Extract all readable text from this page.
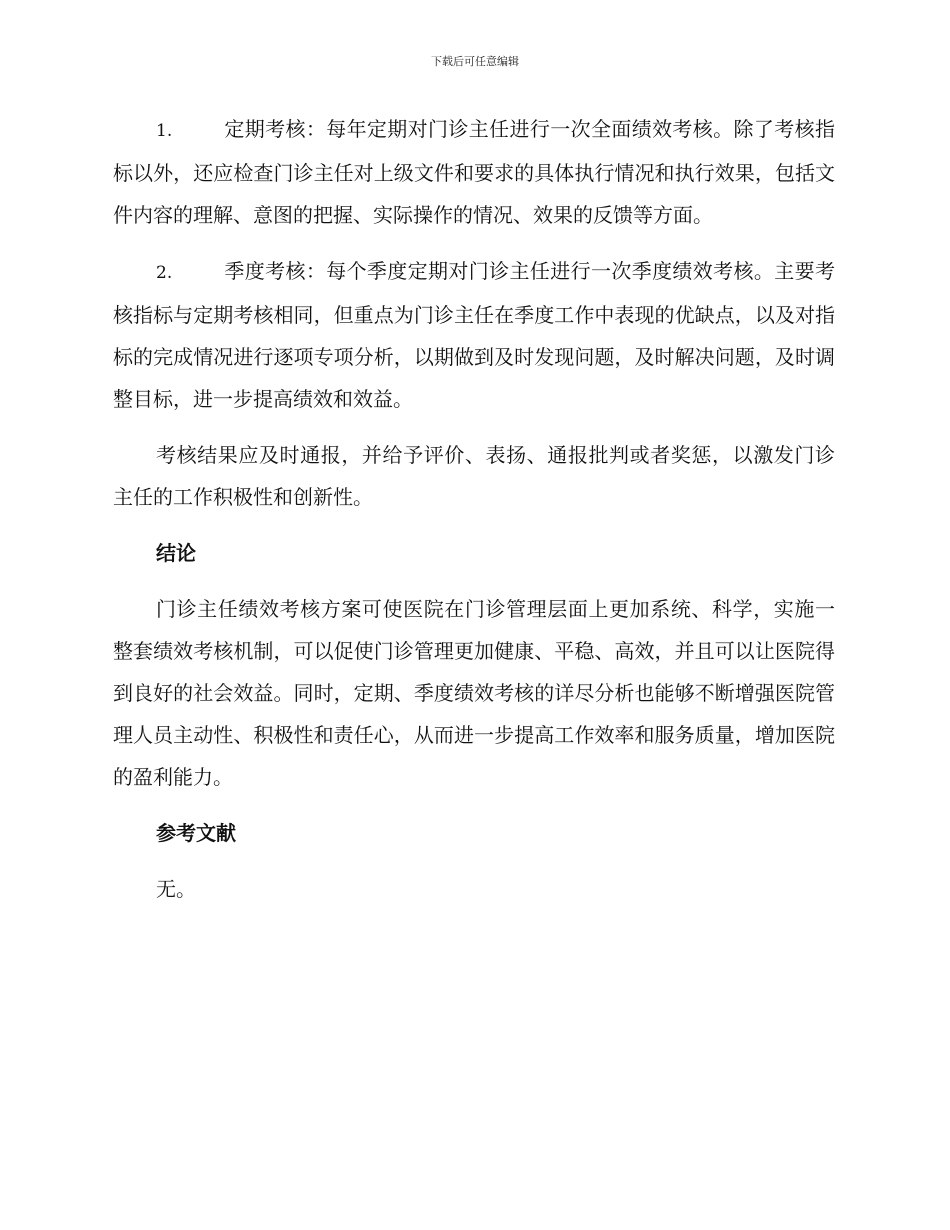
下载后可任意编辑

1.	定期考核：每年定期对门诊主任进行一次全面绩效考核。除了考核指标以外，还应检查门诊主任对上级文件和要求的具体执行情况和执行效果，包括文件内容的理解、意图的把握、实际操作的情况、效果的反馈等方面。

2.	季度考核：每个季度定期对门诊主任进行一次季度绩效考核。主要考核指标与定期考核相同，但重点为门诊主任在季度工作中表现的优缺点，以及对指标的完成情况进行逐项专项分析，以期做到及时发现问题，及时解决问题，及时调整目标，进一步提高绩效和效益。

考核结果应及时通报，并给予评价、表扬、通报批判或者奖惩，以激发门诊主任的工作积极性和创新性。

结论

门诊主任绩效考核方案可使医院在门诊管理层面上更加系统、科学，实施一整套绩效考核机制，可以促使门诊管理更加健康、平稳、高效，并且可以让医院得到良好的社会效益。同时，定期、季度绩效考核的详尽分析也能够不断增强医院管理人员主动性、积极性和责任心，从而进一步提高工作效率和服务质量，增加医院的盈利能力。

参考文献

无。
